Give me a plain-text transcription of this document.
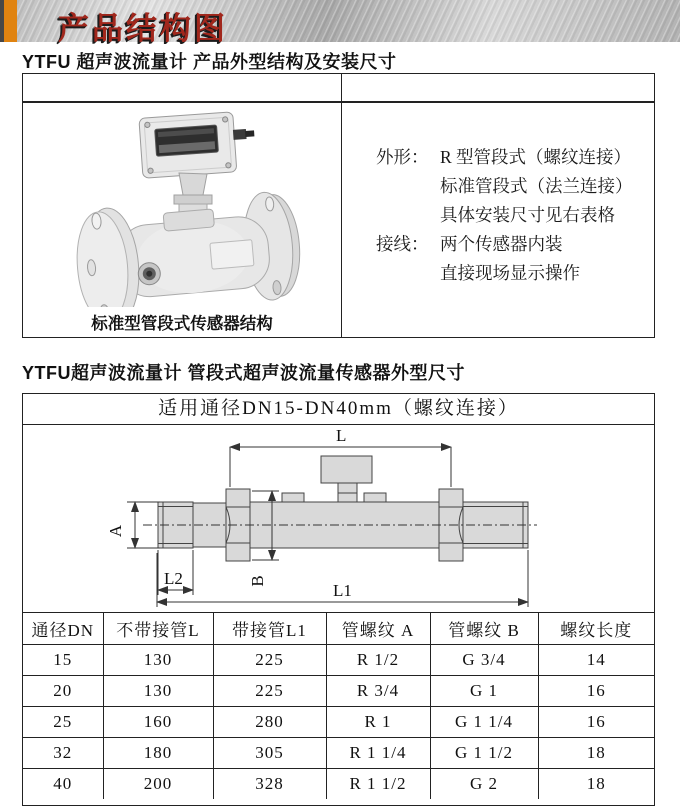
产品结构图
YTFU 超声波流量计 产品外型结构及安装尺寸
标准型管段式传感器结构
外形： R 型管段式（螺纹连接）
标准管段式（法兰连接）
具体安装尺寸见右表格
接线： 两个传感器内装
直接现场显示操作
YTFU超声波流量计 管段式超声波流量传感器外型尺寸
适用通径DN15-DN40mm（螺纹连接）
L
A
L2	B	L1
通径DN	不带接管L	带接管L1	管螺纹 A	管螺纹 B	螺纹长度
15	130	225	R 1/2	G 3/4	14
20	130	225	R 3/4	G 1	16
25	160	280	R 1	G 1 1/4	16
32	180	305	R 1 1/4	G 1 1/2	18
40	200	328	R 1 1/2	G 2	18
